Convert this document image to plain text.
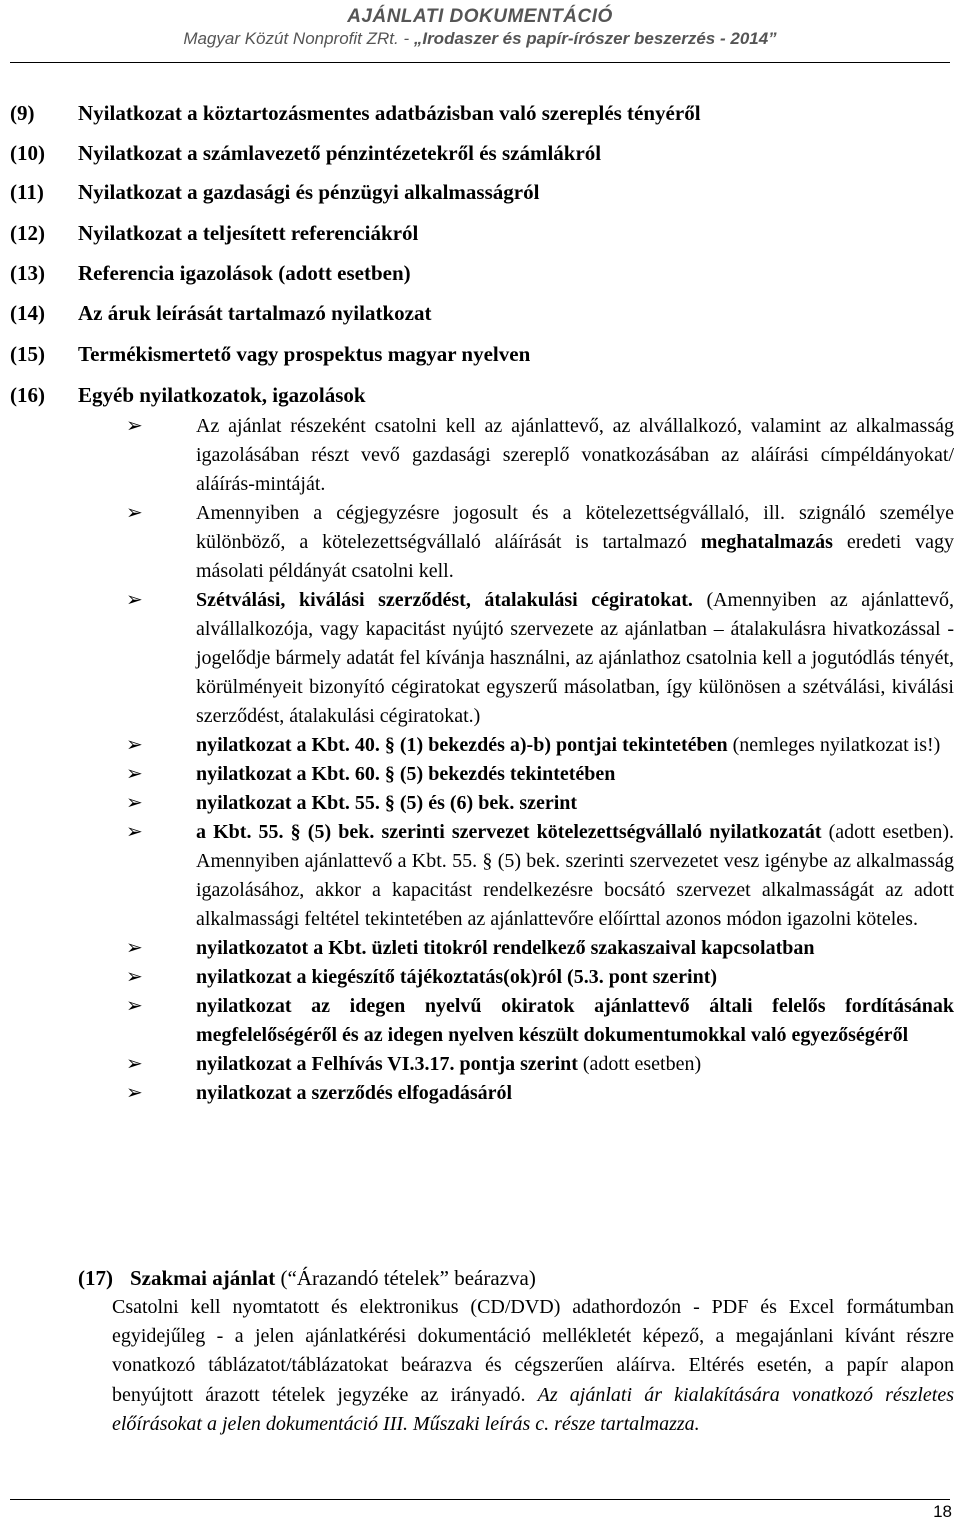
AJÁNLATI DOKUMENTÁCIÓ
Magyar Közút Nonprofit ZRt. - „Irodaszer és papír-írószer beszerzés - 2014”
(9) Nyilatkozat a köztartozásmentes adatbázisban való szereplés tényéről
(10) Nyilatkozat a számlavezető pénzintézetekről és számlákról
(11) Nyilatkozat a gazdasági és pénzügyi alkalmasságról
(12) Nyilatkozat a teljesített referenciákról
(13) Referencia igazolások (adott esetben)
(14) Az áruk leírását tartalmazó nyilatkozat
(15) Termékismertető vagy prospektus magyar nyelven
(16) Egyéb nyilatkozatok, igazolások
➢	Az ajánlat részeként csatolni kell az ajánlattevő, az alvállalkozó, valamint az alkalmasság igazolásában részt vevő gazdasági szereplő vonatkozásában az aláírási címpéldányokat/ aláírás-mintáját.
➢	Amennyiben a cégjegyzésre jogosult és a kötelezettségvállaló, ill. szignáló személye különböző, a kötelezettségvállaló aláírását is tartalmazó meghatalmazás eredeti vagy másolati példányát csatolni kell.
➢	Szétválási, kiválási szerződést, átalakulási cégiratokat. (Amennyiben az ajánlattevő, alvállalkozója, vagy kapacitást nyújtó szervezete az ajánlatban – átalakulásra hivatkozással - jogelődje bármely adatát fel kívánja használni, az ajánlathoz csatolnia kell a jogutódlás tényét, körülményeit bizonyító cégiratokat egyszerű másolatban, így különösen a szétválási, kiválási szerződést, átalakulási cégiratokat.)
➢	nyilatkozat a Kbt. 40. § (1) bekezdés a)-b) pontjai tekintetében (nemleges nyilatkozat is!)
➢	nyilatkozat a Kbt. 60. § (5) bekezdés tekintetében
➢	nyilatkozat a Kbt. 55. § (5) és (6) bek. szerint
➢	a Kbt. 55. § (5) bek. szerinti szervezet kötelezettségvállaló nyilatkozatát (adott esetben). Amennyiben ajánlattevő a Kbt. 55. § (5) bek. szerinti szervezetet vesz igénybe az alkalmasság igazolásához, akkor a kapacitást rendelkezésre bocsátó szervezet alkalmasságát az adott alkalmassági feltétel tekintetében az ajánlattevőre előírttal azonos módon igazolni köteles.
➢	nyilatkozatot a Kbt. üzleti titokról rendelkező szakaszaival kapcsolatban
➢	nyilatkozat a kiegészítő tájékoztatás(ok)ról (5.3. pont szerint)
➢	nyilatkozat az idegen nyelvű okiratok ajánlattevő általi felelős fordításának megfelelőségéről és az idegen nyelven készült dokumentumokkal való egyezőségéről
➢	nyilatkozat a Felhívás VI.3.17. pontja szerint (adott esetben)
➢	nyilatkozat a szerződés elfogadásáról
(17) Szakmai ajánlat (“Árazandó tételek” beárazva)
Csatolni kell nyomtatott és elektronikus (CD/DVD) adathordozón - PDF és Excel formátumban egyidejűleg - a jelen ajánlatkérési dokumentáció mellékletét képező, a megajánlani kívánt részre vonatkozó táblázatot/táblázatokat beárazva és cégszerűen aláírva. Eltérés esetén, a papír alapon benyújtott árazott tételek jegyzéke az irányadó. Az ajánlati ár kialakítására vonatkozó részletes előírásokat a jelen dokumentáció III. Műszaki leírás c. része tartalmazza.
18
